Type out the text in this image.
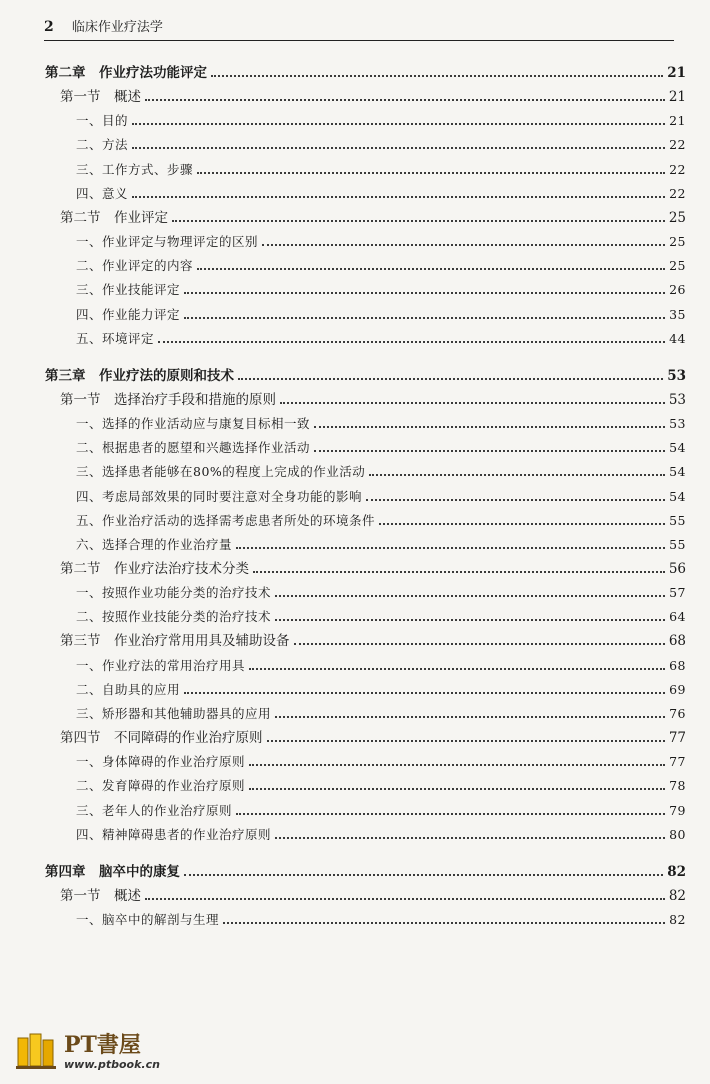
2 临床作业疗法学
第二章　作业疗法功能评定	21
第一节　概述	21
一、目的	21
二、方法	22
三、工作方式、步骤	22
四、意义	22
第二节　作业评定	25
一、作业评定与物理评定的区别	25
二、作业评定的内容	25
三、作业技能评定	26
四、作业能力评定	35
五、环境评定	44
第三章　作业疗法的原则和技术	53
第一节　选择治疗手段和措施的原则	53
一、选择的作业活动应与康复目标相一致	53
二、根据患者的愿望和兴趣选择作业活动	54
三、选择患者能够在80%的程度上完成的作业活动	54
四、考虑局部效果的同时要注意对全身功能的影响	54
五、作业治疗活动的选择需考虑患者所处的环境条件	55
六、选择合理的作业治疗量	55
第二节　作业疗法治疗技术分类	56
一、按照作业功能分类的治疗技术	57
二、按照作业技能分类的治疗技术	64
第三节　作业治疗常用用具及辅助设备	68
一、作业疗法的常用治疗用具	68
二、自助具的应用	69
三、矫形器和其他辅助器具的应用	76
第四节　不同障碍的作业治疗原则	77
一、身体障碍的作业治疗原则	77
二、发育障碍的作业治疗原则	78
三、老年人的作业治疗原则	79
四、精神障碍患者的作业治疗原则	80
第四章　脑卒中的康复	82
第一节　概述	82
一、脑卒中的解剖与生理	82
PT書屋
www.ptbook.cn
